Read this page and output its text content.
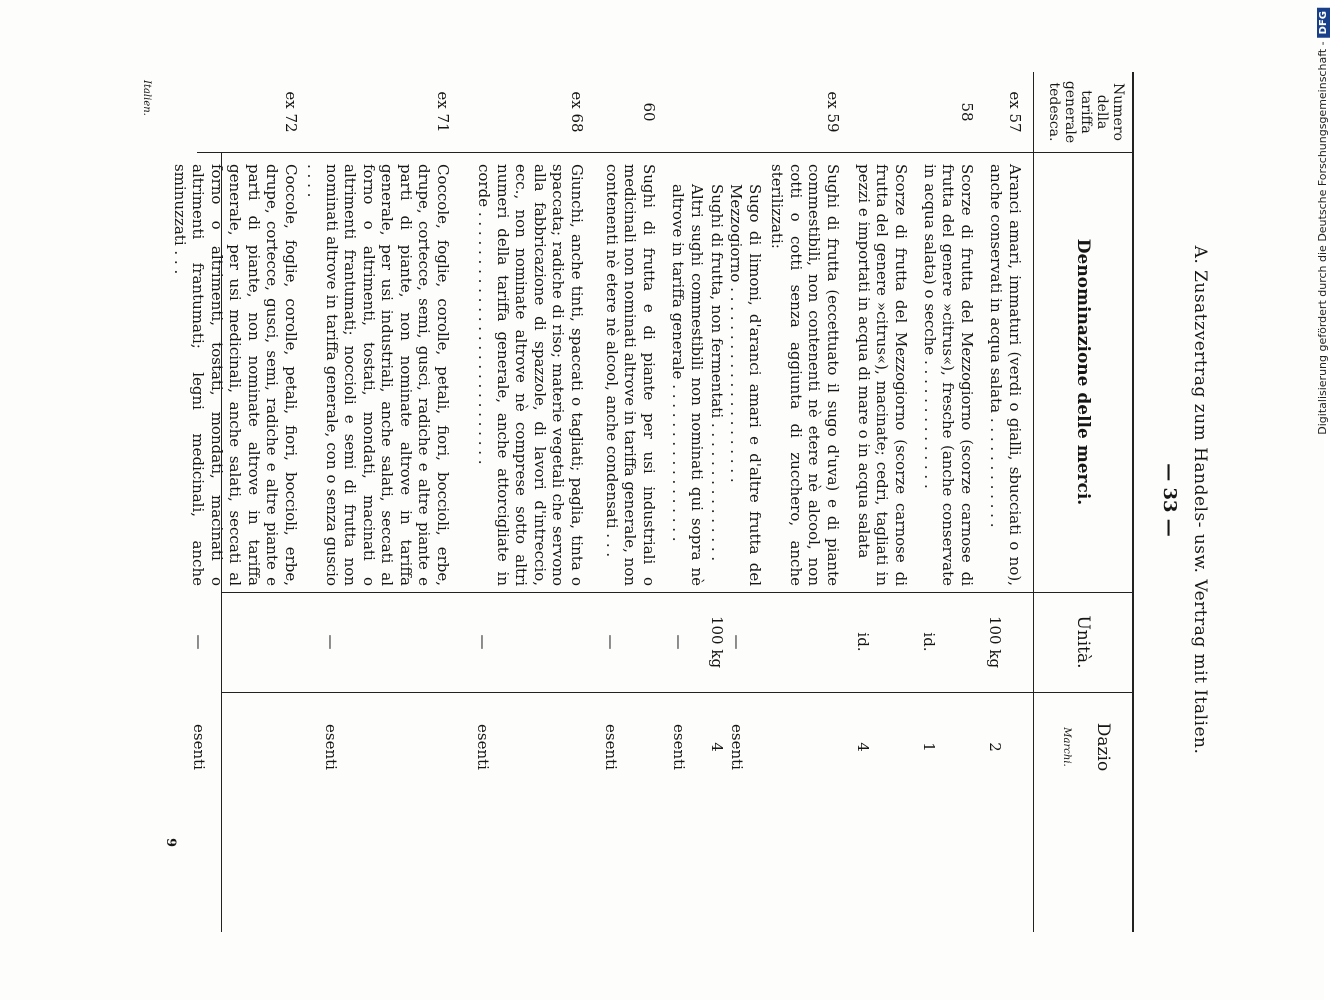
A. Zusatzvertrag zum Handels- usw. Vertrag mit Italien.
— 33 —
Numero della tariffa generale tedesca.
Denominazione delle merci.
Unità.
Dazio
Marchi.
ex 57
Aranci amari, immaturi (verdi o gialli, sbucciati o no), anche conservati in acqua salata . . . . . . . . . . . .
100 kg
2
58
Scorze di frutta del Mezzogiorno (scorze carnose di frutta del genere »citrus«), fresche (anche conservate in acqua salata) o secche . . . . . . . . . . . . . .
id.
1
Scorze di frutta del Mezzogiorno (scorze carnose di frutta del genere »citrus«), macinate; cedri, tagliati in pezzi e importati in acqua di mare o in acqua salata
id.
4
ex 59
Sughi di frutta (eccettuato il sugo d'uva) e di piante commestibili, non contenenti nè etere nè alcool, non cotti o cotti senza aggiunta di zucchero, anche sterilizzati:
Sugo di limoni, d'aranci amari e d'altre frutta del Mezzogiorno . . . . . . . . . . . . . . . . . . . . .
—
esenti
Sughi di frutta, non fermentati . . . . . . . . . . . . . . .
100 kg
4
Altri sughi commestibili non nominati qui sopra nè altrove in tariffa generale . . . . . . . . . . . . . . . . .
—
esenti
60
Sughi di frutta e di piante per usi industriali o medicinali non nominati altrove in tariffa generale, non contenenti nè etere nè alcool, anche condensati . . .
—
esenti
ex 68
Giunchi, anche tinti, spaccati o tagliati; paglia, tinta o spaccata; radiche di riso; materie vegetali che servono alla fabbricazione di spazzole, di lavori d'intreccio, ecc., non nominate altrove nè comprese sotto altri numeri della tariffa generale, anche attorcigliate in corde . . . . . . . . . . . . . . . . . . . . . . . . . . .
—
esenti
ex 71
Coccole, foglie, corolle, petali, fiori, boccioli, erbe, drupe, cortecce, semi, gusci, radiche e altre piante e parti di piante, non nominate altrove in tariffa generale, per usi industriali, anche salati, seccati al forno o altrimenti, tostati, mondati, macinati o altrimenti frantumati; noccioli e semi di frutta non nominati altrove in tariffa generale, con o senza guscio . . . .
—
esenti
ex 72
Coccole, foglie, corolle, petali, fiori, boccioli, erbe, drupe, cortecce, gusci, semi, radiche e altre piante e parti di piante, non nominate altrove in tariffa generale, per usi medicinali, anche salati, seccati al forno o altrimenti, tostati, mondati, macinati o altrimenti frantumati; legni medicinali, anche sminuzzati . . .
—
esenti
Italien.
9
Digitalisierung gefördert durch die Deutsche Forschungsgemeinschaft -DFG
